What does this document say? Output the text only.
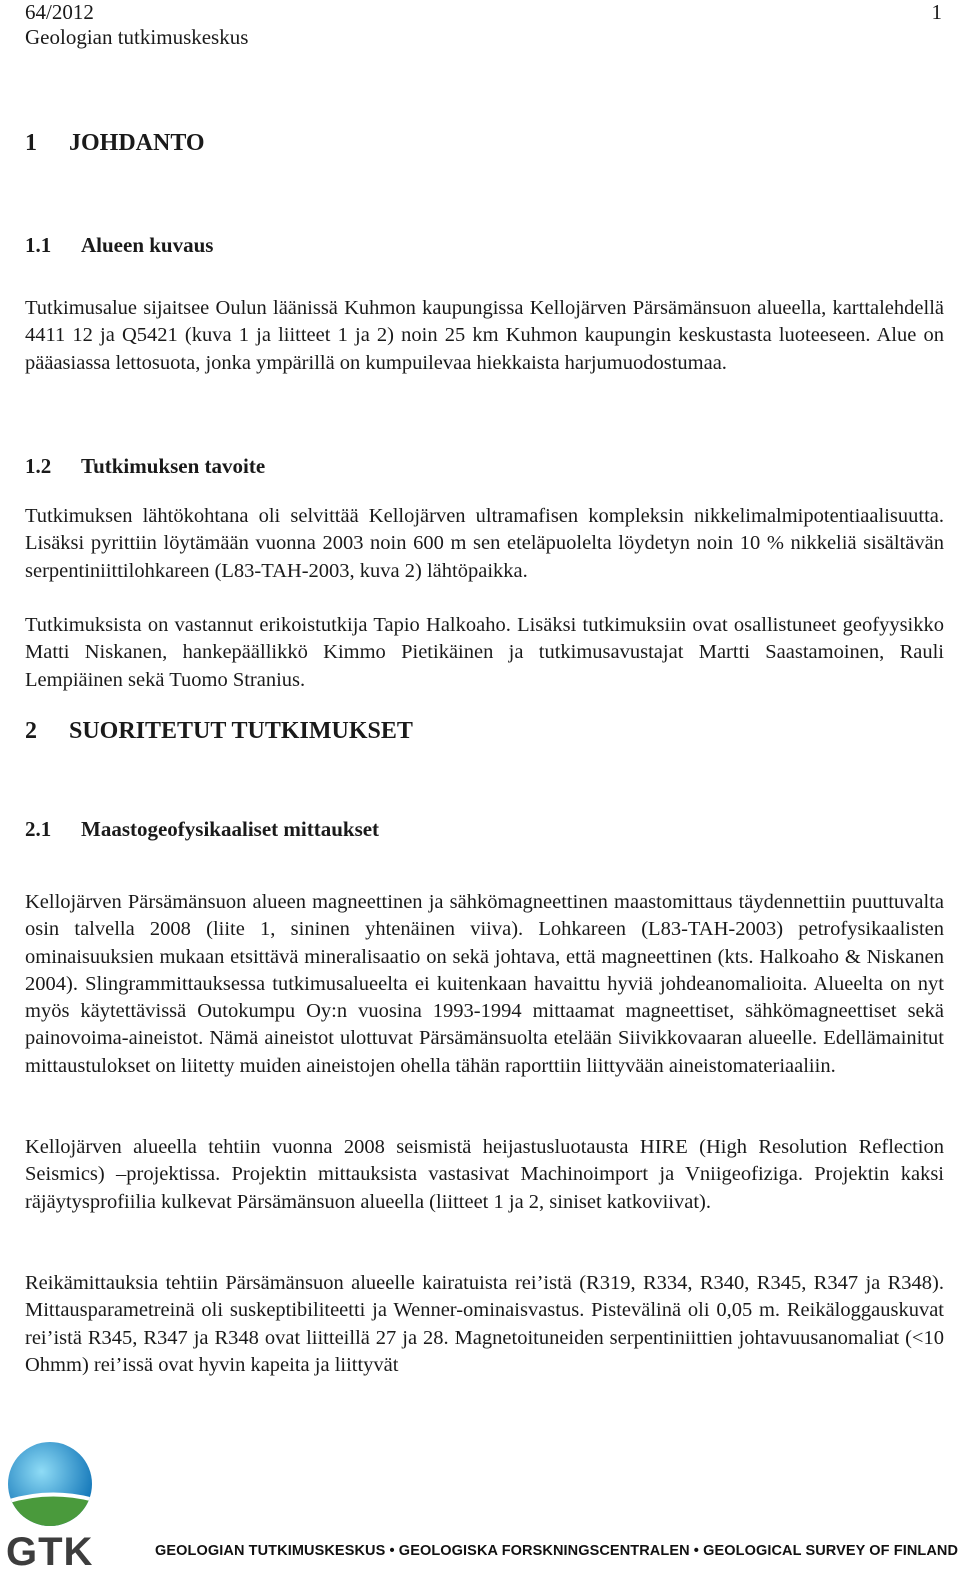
64/2012
Geologian tutkimuskeskus
1
1 JOHDANTO
1.1 Alueen kuvaus

Tutkimusalue sijaitsee Oulun läänissä Kuhmon kaupungissa Kellojärven Pärsämänsuon alueella, karttalehdellä 4411 12 ja Q5421 (kuva 1 ja liitteet 1 ja 2) noin 25 km Kuhmon kaupungin keskustasta luoteeseen. Alue on pääasiassa lettosuota, jonka ympärillä on kumpuilevaa hiekkaista harjumuodostumaa.

1.2 Tutkimuksen tavoite

Tutkimuksen lähtökohtana oli selvittää Kellojärven ultramafisen kompleksin nikkelimalmipotentiaalisuutta. Lisäksi pyrittiin löytämään vuonna 2003 noin 600 m sen eteläpuolelta löydetyn noin 10 % nikkeliä sisältävän serpentiniittilohkareen (L83-TAH-2003, kuva 2) lähtöpaikka.

Tutkimuksista on vastannut erikoistutkija Tapio Halkoaho. Lisäksi tutkimuksiin ovat osallistuneet geofyysikko Matti Niskanen, hankepäällikkö Kimmo Pietikäinen ja tutkimusavustajat Martti Saastamoinen, Rauli Lempiäinen sekä Tuomo Stranius.

2 SUORITETUT TUTKIMUKSET
2.1 Maastogeofysikaaliset mittaukset

Kellojärven Pärsämänsuon alueen magneettinen ja sähkömagneettinen maastomittaus täydennettiin puuttuvalta osin talvella 2008 (liite 1, sininen yhtenäinen viiva). Lohkareen (L83-TAH-2003) petrofysikaalisten ominaisuuksien mukaan etsittävä mineralisaatio on sekä johtava, että magneettinen (kts. Halkoaho & Niskanen 2004). Slingrammittauksessa tutkimusalueelta ei kuitenkaan havaittu hyviä johdeanomalioita. Alueelta on nyt myös käytettävissä Outokumpu Oy:n vuosina 1993-1994 mittaamat magneettiset, sähkömagneettiset sekä painovoima-aineistot. Nämä aineistot ulottuvat Pärsämänsuolta etelään Siivikkovaaran alueelle. Edellämainitut mittaustulokset on liitetty muiden aineistojen ohella tähän raporttiin liittyvään aineistomateriaaliin.

Kellojärven alueella tehtiin vuonna 2008 seismistä heijastusluotausta HIRE (High Resolution Reflection Seismics) –projektissa. Projektin mittauksista vastasivat Machinoimport ja Vniigeofiziga. Projektin kaksi räjäytysprofiilia kulkevat Pärsämänsuon alueella (liitteet 1 ja 2, siniset katkoviivat).

Reikämittauksia tehtiin Pärsämänsuon alueelle kairatuista rei’istä (R319, R334, R340, R345, R347 ja R348). Mittausparametreinä oli suskeptibiliteetti ja Wenner-ominaisvastus. Pistevälinä oli 0,05 m. Reikäloggauskuvat rei’istä R345, R347 ja R348 ovat liitteillä 27 ja 28. Magnetoituneiden serpentiniittien johtavuusanomaliat (<10 Ohmm) rei’issä ovat hyvin kapeita ja liittyvät

GTK	GEOLOGIAN TUTKIMUSKESKUS • GEOLOGISKA FORSKNINGSCENTRALEN • GEOLOGICAL SURVEY OF FINLAND
